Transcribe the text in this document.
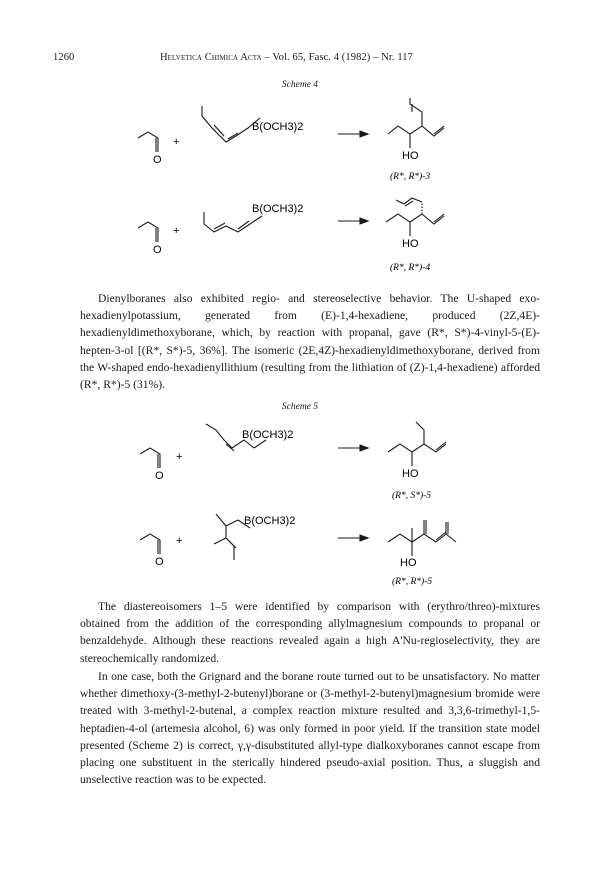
1260	Helvetica Chimica Acta – Vol. 65, Fasc. 4 (1982) – Nr. 117
Scheme 4
+
O
B(OCH3)2
HO
(R*, R*)-3
+
O
B(OCH3)2
HO
(R*, R*)-4

Dienylboranes also exhibited regio- and stereoselective behavior. The U-shaped exo-hexadienylpotassium, generated from (E)-1,4-hexadiene, produced (2Z,4E)-hexadienyldimethoxyborane, which, by reaction with propanal, gave (R*, S*)-4-vinyl-5-(E)-hepten-3-ol [(R*, S*)-5, 36%]. The isomeric (2E,4Z)-hexadienyldimethoxyborane, derived from the W-shaped endo-hexadienyllithium (resulting from the lithiation of (Z)-1,4-hexadiene) afforded (R*, R*)-5 (31%).

Scheme 5
+
O
B(OCH3)2
HO
(R*, S*)-5
+
O
B(OCH3)2
HO
(R*, R*)-5

The diastereoisomers 1–5 were identified by comparison with (erythro/threo)-mixtures obtained from the addition of the corresponding allylmagnesium compounds to propanal or benzaldehyde. Although these reactions revealed again a high A'Nu-regioselectivity, they are stereochemically randomized.

In one case, both the Grignard and the borane route turned out to be unsatisfactory. No matter whether dimethoxy-(3-methyl-2-butenyl)borane or (3-methyl-2-butenyl)magnesium bromide were treated with 3-methyl-2-butenal, a complex reaction mixture resulted and 3,3,6-trimethyl-1,5-heptadien-4-ol (artemesia alcohol, 6) was only formed in poor yield. If the transition state model presented (Scheme 2) is correct, γ,γ-disubstituted allyl-type dialkoxyboranes cannot escape from placing one substituent in the sterically hindered pseudo-axial position. Thus, a sluggish and unselective reaction was to be expected.
